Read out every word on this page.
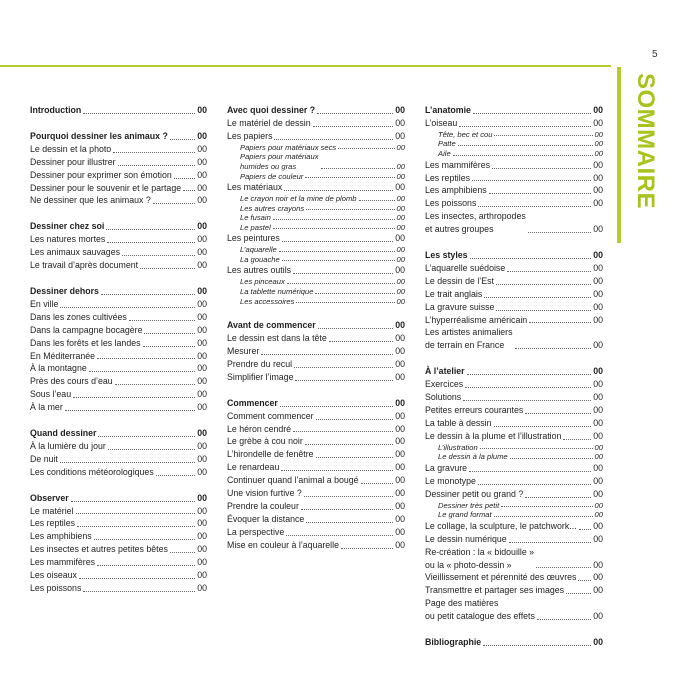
5
SOMMAIRE
Introduction	00
Pourquoi dessiner les animaux ?	00
Le dessin et la photo	00
Dessiner pour illustrer	00
Dessiner pour exprimer son émotion	00
Dessiner pour le souvenir et le partage 00
Ne dessiner que les animaux ?	00
Dessiner chez soi	00
Les natures mortes	00
Les animaux sauvages	00
Le travail d’après document	00
Dessiner dehors	00
En ville	00
Dans les zones cultivées	00
Dans la campagne bocagère	00
Dans les forêts et les landes	00
En Méditerranée	00
À la montagne	00
Près des cours d’eau	00
Sous l’eau	00
À la mer	00
Quand dessiner	00
À la lumière du jour	00
De nuit	00
Les conditions météorologiques	00
Observer	00
Le matériel	00
Les reptiles	00
Les amphibiens	00
Les insectes et autres petites bêtes	00
Les mammifères	00
Les oiseaux	00
Les poissons	00
Avec quoi dessiner ?	00
Le matériel de dessin	00
Les papiers	00
Papiers pour matériaux secs	00
Papiers pour matériaux
humides ou gras	00
Papiers de couleur	00
Les matériaux	00
Le crayon noir et la mine de plomb	00
Les autres crayons	00
Le fusain	00
Le pastel	00
Les peintures	00
L’aquarelle	00
La gouache	00
Les autres outils	00
Les pinceaux	00
La tablette numérique	00
Les accessoires	00
Avant de commencer	00
Le dessin est dans la tête	00
Mesurer	00
Prendre du recul	00
Simplifier l’image	00
Commencer	00
Comment commencer	00
Le héron cendré	00
Le grèbe à cou noir	00
L’hirondelle de fenêtre	00
Le renardeau	00
Continuer quand l’animal a bougé	00
Une vision furtive ?	00
Prendre la couleur	00
Évoquer la distance	00
La perspective	00
Mise en couleur à l’aquarelle	00
L’anatomie	00
L’oiseau	00
Tête, bec et cou	00
Patte	00
Aile	00
Les mammifères	00
Les reptiles	00
Les amphibiens	00
Les poissons	00
Les insectes, arthropodes
et autres groupes	00
Les styles	00
L’aquarelle suédoise	00
Le dessin de l’Est	00
Le trait anglais	00
La gravure suisse	00
L’hyperréalisme américain	00
Les artistes animaliers
de terrain en France	00
À l’atelier	00
Exercices	00
Solutions	00
Petites erreurs courantes	00
La table à dessin	00
Le dessin à la plume et l’illustration	00
L’illustration	00
Le dessin à la plume	00
La gravure	00
Le monotype	00
Dessiner petit ou grand ?	00
Dessiner très petit	00
Le grand format	00
Le collage, la sculpture, le patchwork... 00
Le dessin numérique	00
Re-création : la « bidouille »
ou la « photo-dessin »	00
Vieillissement et pérennité des œuvres 00
Transmettre et partager ses images	00
Page des matières
ou petit catalogue des effets	00
Bibliographie	00
